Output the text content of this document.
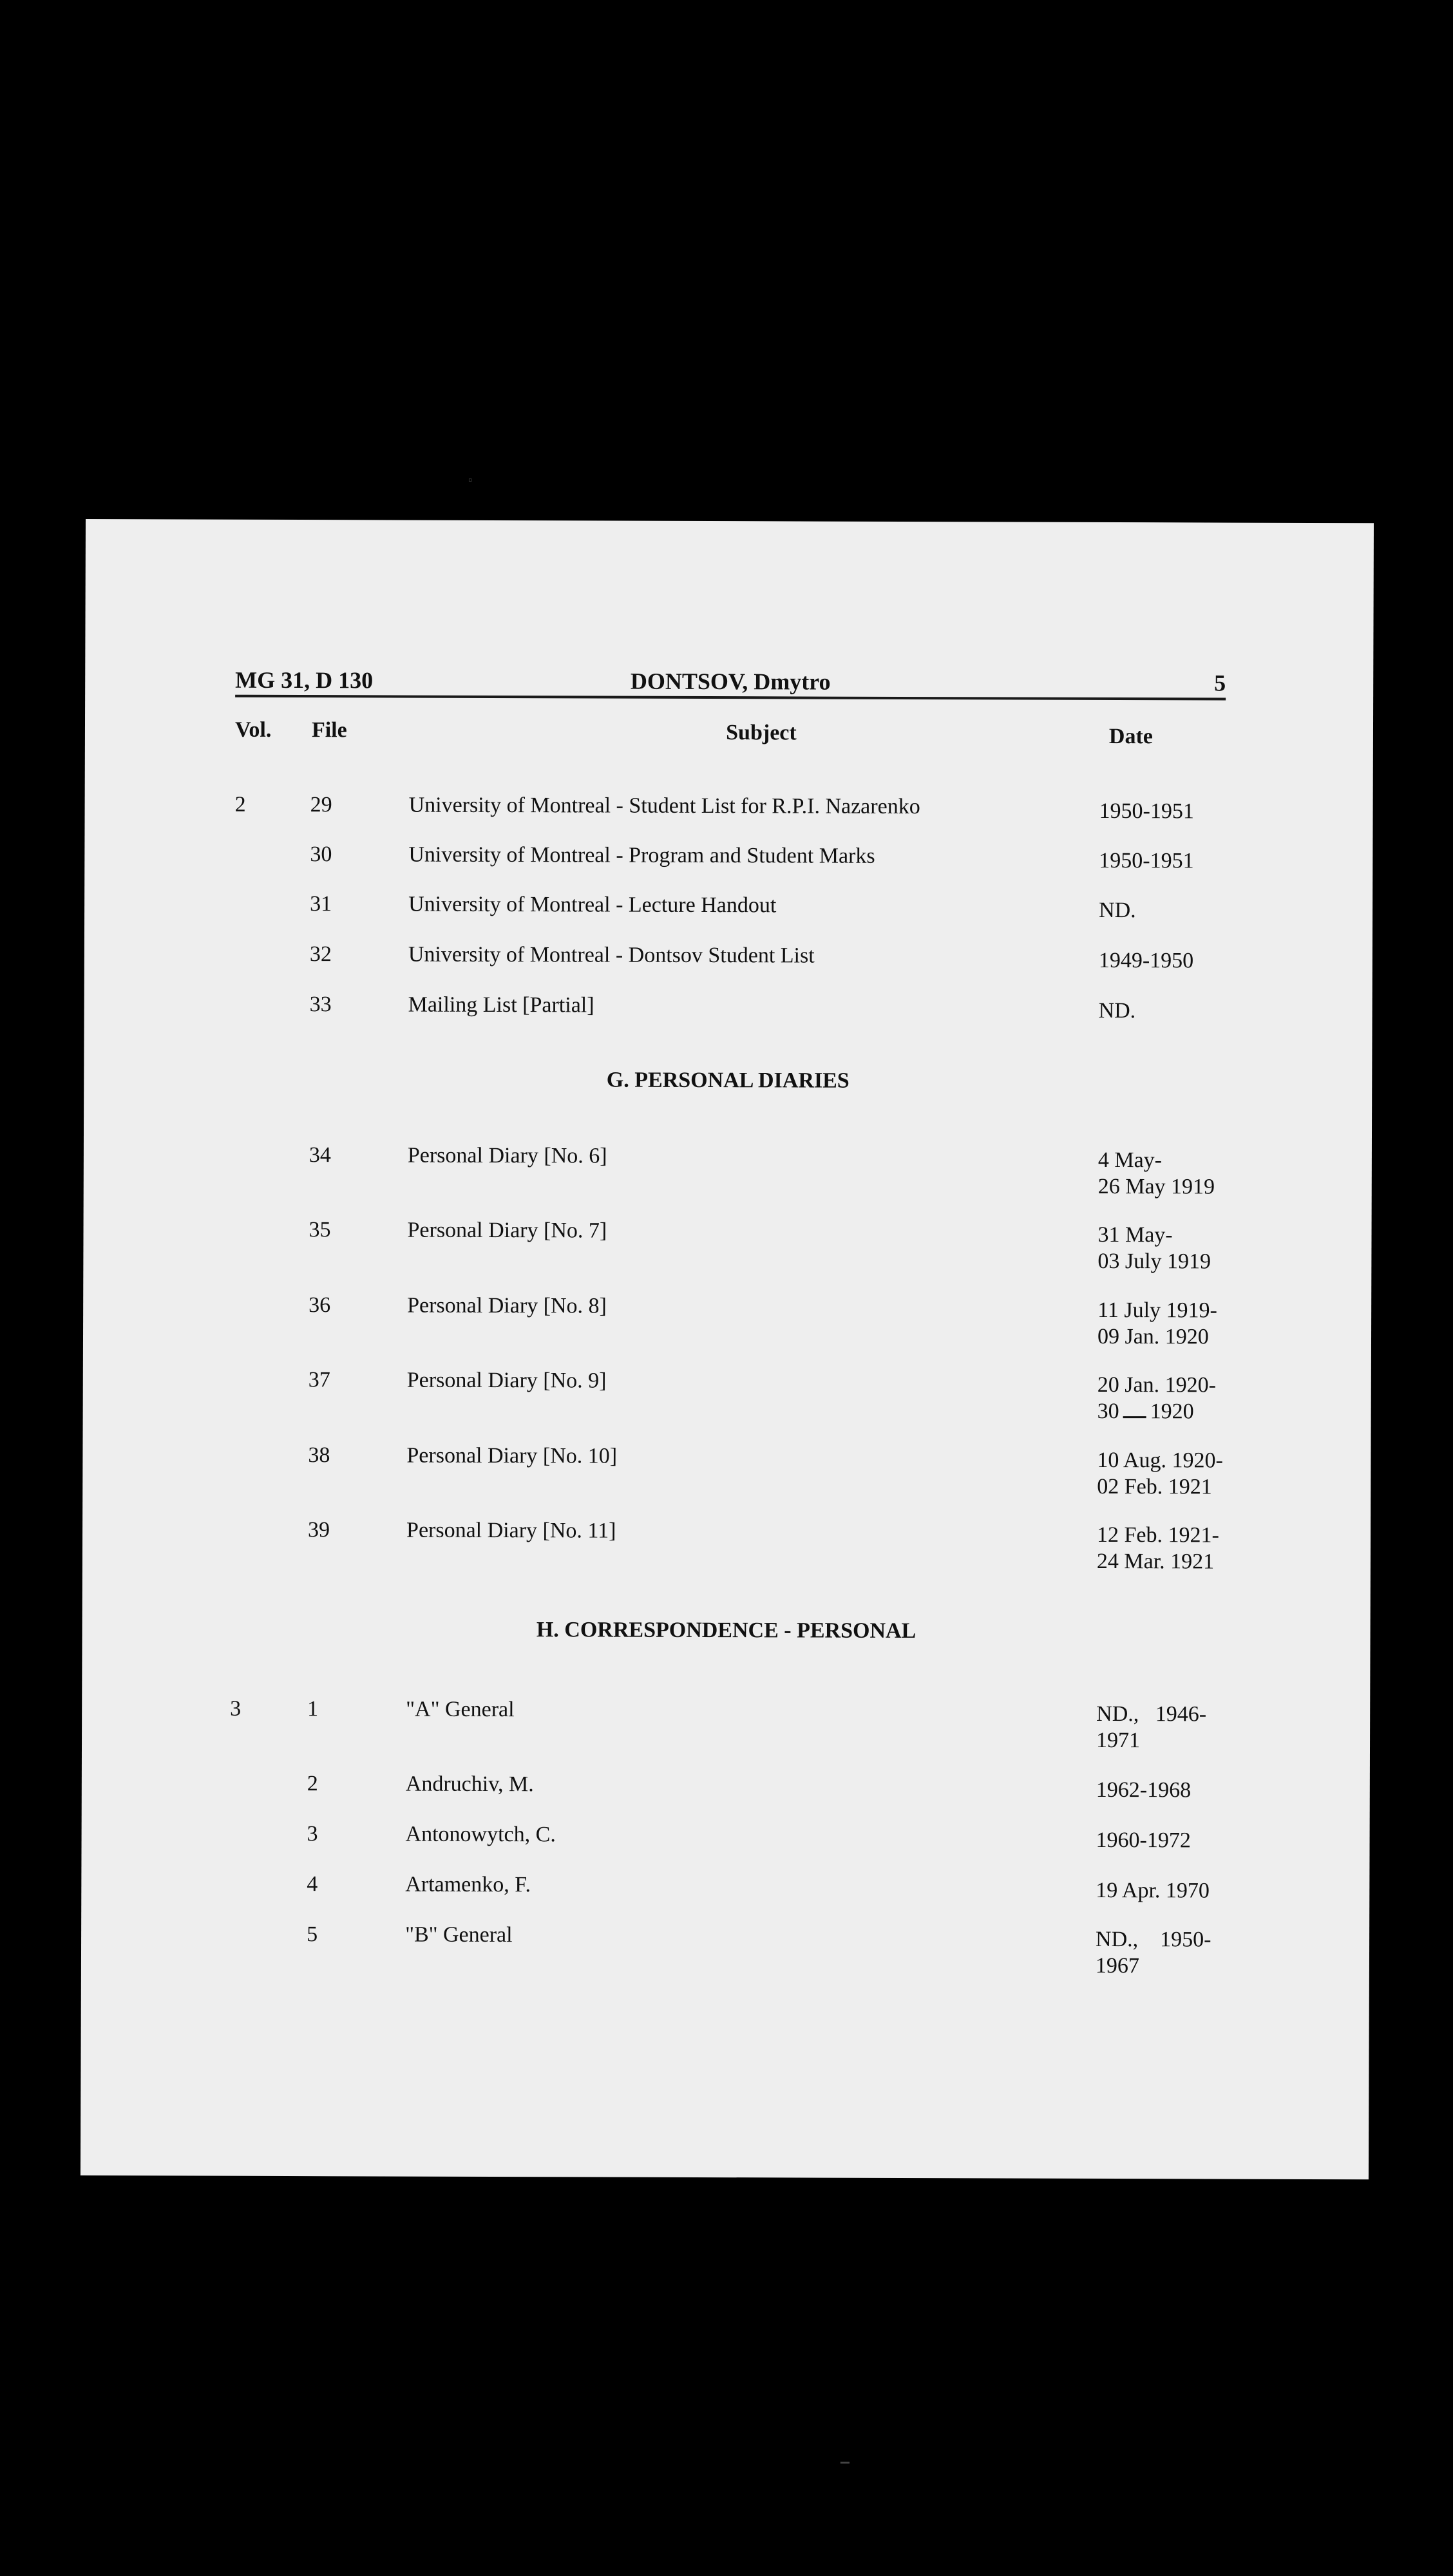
▫
▁
MG 31, D 130	DONTSOV, Dmytro	5
Vol. File	Subject	Date
2	29	University of Montreal - Student List for R.P.I. Nazarenko	1950-1951
30	University of Montreal - Program and Student Marks	1950-1951
31	University of Montreal - Lecture Handout	ND.
32	University of Montreal - Dontsov Student List	1949-1950
33	Mailing List [Partial]	ND.
G. PERSONAL DIARIES
34	Personal Diary [No. 6]	4 May-
26 May 1919
35	Personal Diary [No. 7]	31 May-
03 July 1919
36	Personal Diary [No. 8]	11 July 1919-
09 Jan. 1920
37	Personal Diary [No. 9]	20 Jan. 1920-
30 1920
38	Personal Diary [No. 10]	10 Aug. 1920-
02 Feb. 1921
39	Personal Diary [No. 11]	12 Feb. 1921-
24 Mar. 1921
H. CORRESPONDENCE - PERSONAL
3	1	"A" General	ND.,   1946-
1971
2	Andruchiv, M.	1962-1968
3	Antonowytch, C.	1960-1972
4	Artamenko, F.	19 Apr. 1970
5	"B" General	ND.,    1950-
1967
